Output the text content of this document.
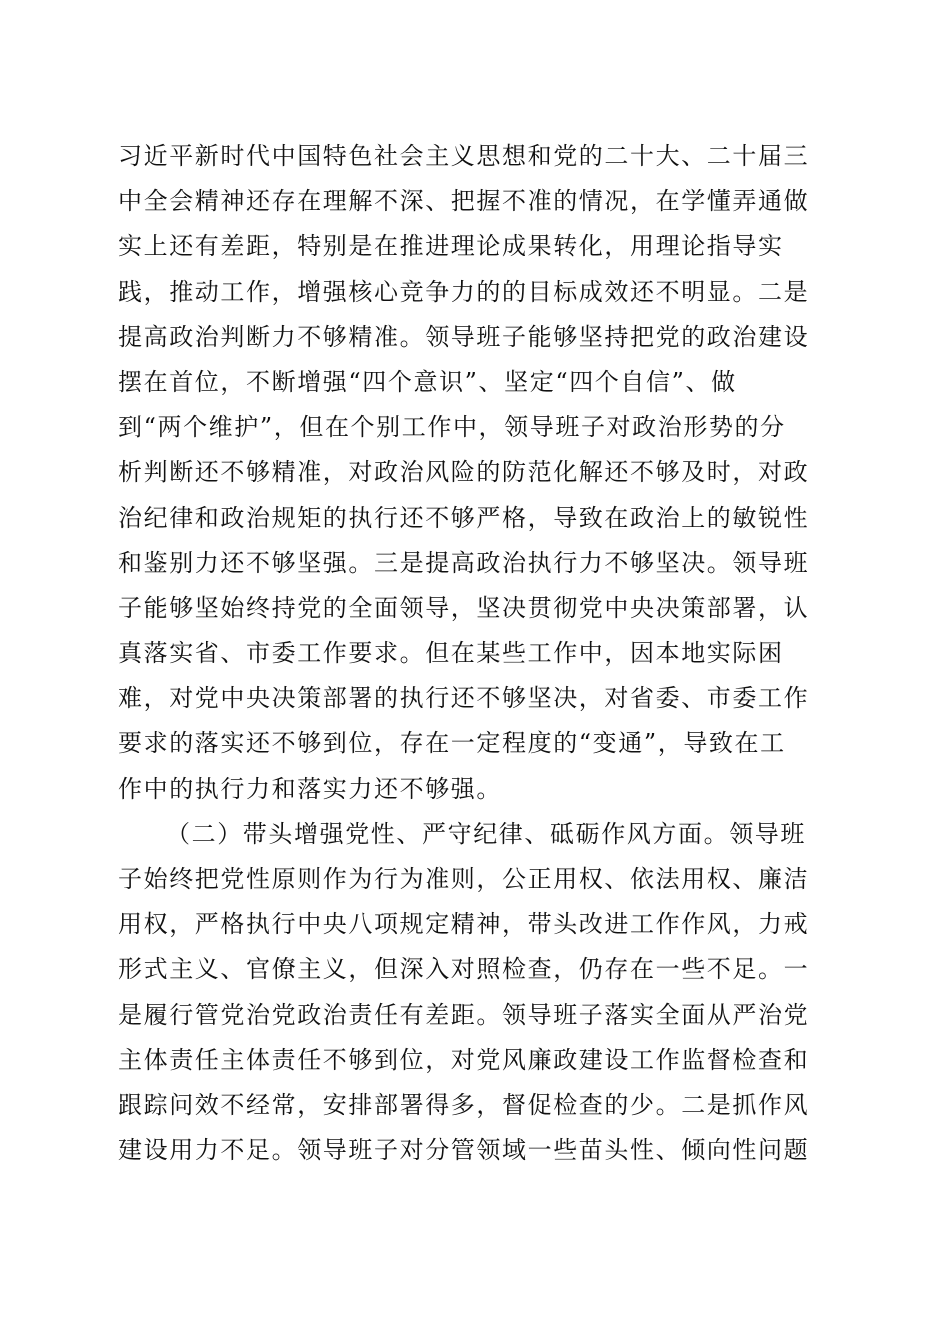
习近平新时代中国特色社会主义思想和党的二十大、二十届三
中全会精神还存在理解不深、把握不准的情况，在学懂弄通做
实上还有差距，特别是在推进理论成果转化，用理论指导实
践，推动工作，增强核心竞争力的的目标成效还不明显。二是
提高政治判断力不够精准。领导班子能够坚持把党的政治建设
摆在首位，不断增强“四个意识”、坚定“四个自信”、做
到“两个维护”，但在个别工作中，领导班子对政治形势的分
析判断还不够精准，对政治风险的防范化解还不够及时，对政
治纪律和政治规矩的执行还不够严格，导致在政治上的敏锐性
和鉴别力还不够坚强。三是提高政治执行力不够坚决。领导班
子能够坚始终持党的全面领导，坚决贯彻党中央决策部署，认
真落实省、市委工作要求。但在某些工作中，因本地实际困
难，对党中央决策部署的执行还不够坚决，对省委、市委工作
要求的落实还不够到位，存在一定程度的“变通”，导致在工
作中的执行力和落实力还不够强。
（二）带头增强党性、严守纪律、砥砺作风方面。领导班
子始终把党性原则作为行为准则，公正用权、依法用权、廉洁
用权，严格执行中央八项规定精神，带头改进工作作风，力戒
形式主义、官僚主义，但深入对照检查，仍存在一些不足。一
是履行管党治党政治责任有差距。领导班子落实全面从严治党
主体责任主体责任不够到位，对党风廉政建设工作监督检查和
跟踪问效不经常，安排部署得多，督促检查的少。二是抓作风
建设用力不足。领导班子对分管领域一些苗头性、倾向性问题
